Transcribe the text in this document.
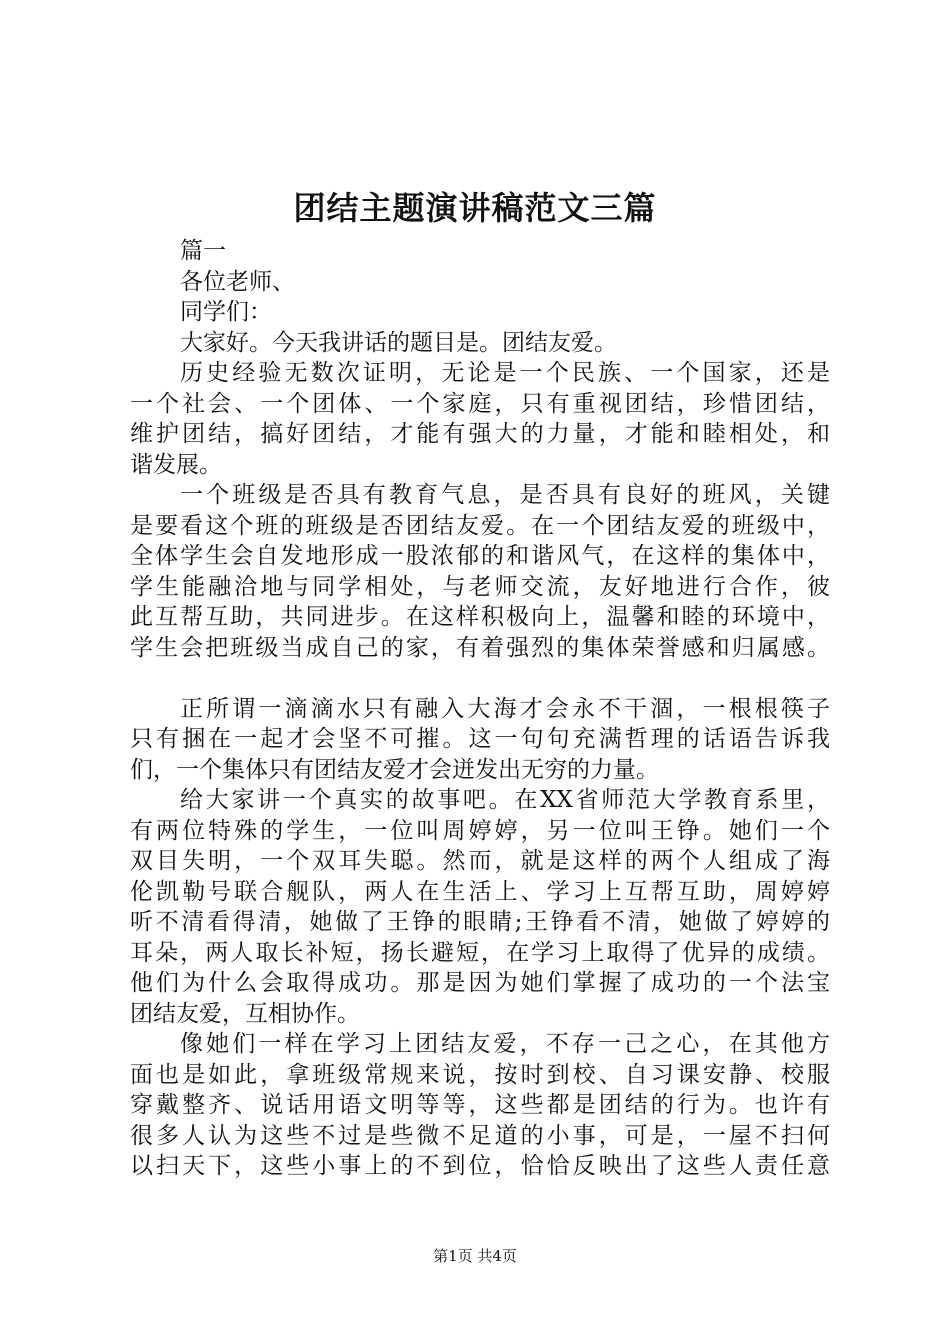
团结主题演讲稿范文三篇
篇一
各位老师、
同学们：
大家好。今天我讲话的题目是。团结友爱。
历史经验无数次证明，无论是一个民族、一个国家，还是
一个社会、一个团体、一个家庭，只有重视团结，珍惜团结，
维护团结，搞好团结，才能有强大的力量，才能和睦相处，和
谐发展。
一个班级是否具有教育气息，是否具有良好的班风，关键
是要看这个班的班级是否团结友爱。在一个团结友爱的班级中，
全体学生会自发地形成一股浓郁的和谐风气，在这样的集体中，
学生能融洽地与同学相处，与老师交流，友好地进行合作，彼
此互帮互助，共同进步。在这样积极向上，温馨和睦的环境中，
学生会把班级当成自己的家，有着强烈的集体荣誉感和归属感。
正所谓一滴滴水只有融入大海才会永不干涸，一根根筷子
只有捆在一起才会坚不可摧。这一句句充满哲理的话语告诉我
们，一个集体只有团结友爱才会迸发出无穷的力量。
给大家讲一个真实的故事吧。在XX省师范大学教育系里，
有两位特殊的学生，一位叫周婷婷，另一位叫王铮。她们一个
双目失明，一个双耳失聪。然而，就是这样的两个人组成了海
伦凯勒号联合舰队，两人在生活上、学习上互帮互助，周婷婷
听不清看得清，她做了王铮的眼睛;王铮看不清，她做了婷婷的
耳朵，两人取长补短，扬长避短，在学习上取得了优异的成绩。
他们为什么会取得成功。那是因为她们掌握了成功的一个法宝
团结友爱，互相协作。
像她们一样在学习上团结友爱，不存一己之心，在其他方
面也是如此，拿班级常规来说，按时到校、自习课安静、校服
穿戴整齐、说话用语文明等等，这些都是团结的行为。也许有
很多人认为这些不过是些微不足道的小事，可是，一屋不扫何
以扫天下，这些小事上的不到位，恰恰反映出了这些人责任意
第1页 共4页
